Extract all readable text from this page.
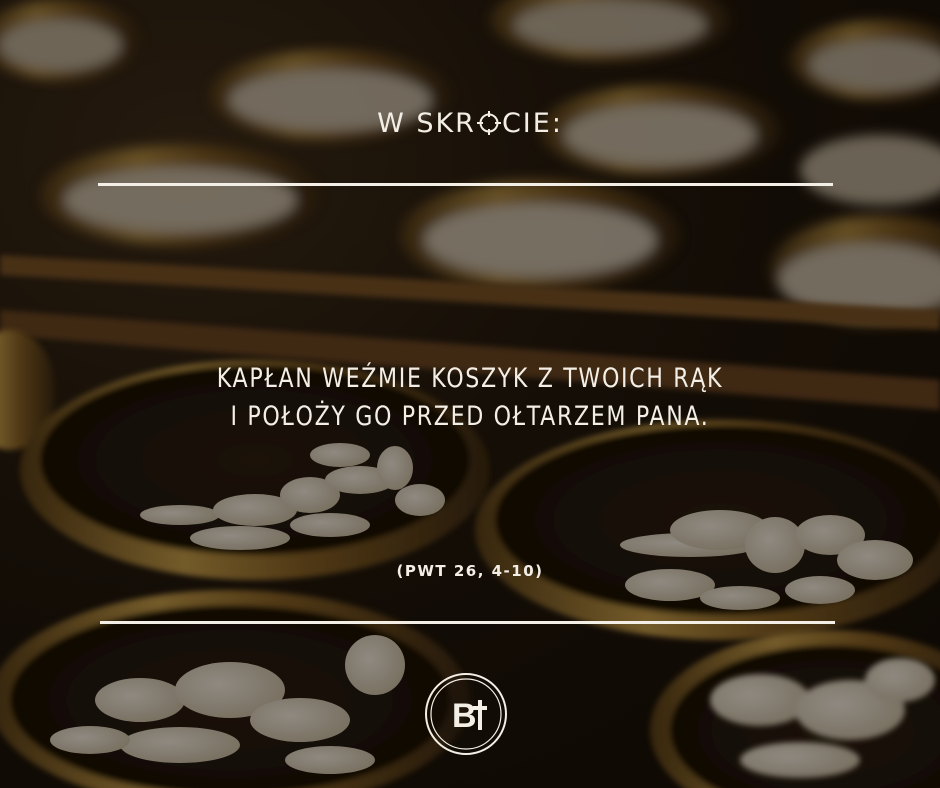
W SKR CIE:
KAPŁAN WEŹMIE KOSZYK Z TWOICH RĄK
I POŁOŻY GO PRZED OŁTARZEM PANA.
(PWT 26, 4-10)
B
